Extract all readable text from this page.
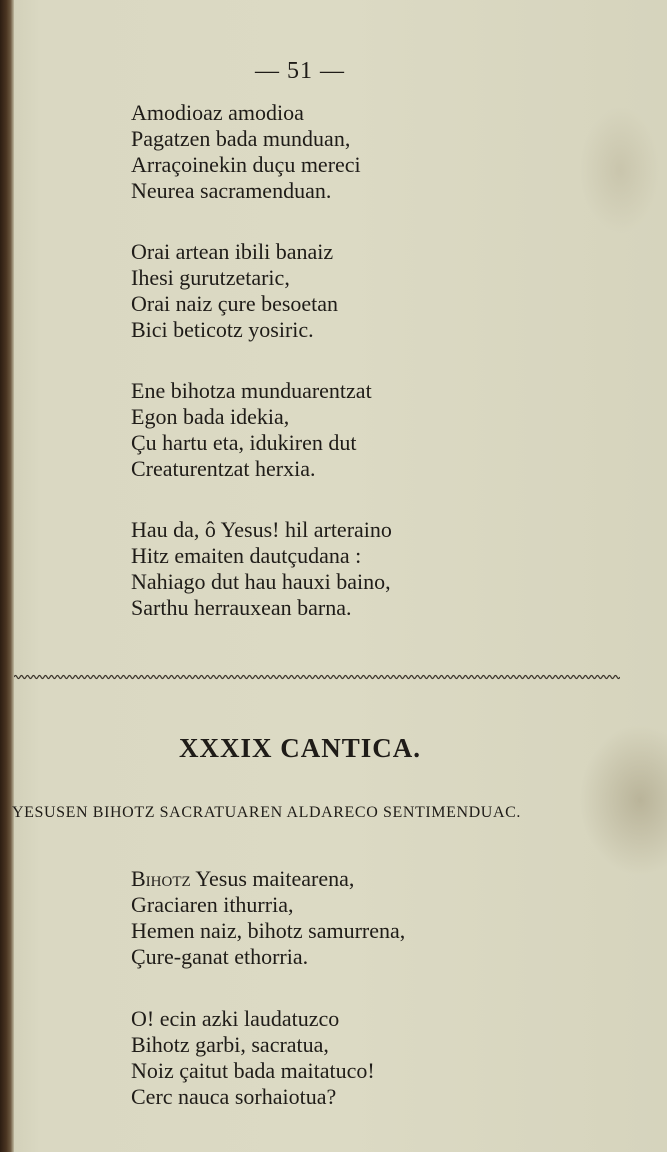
— 51 —
Amodioaz amodioa
Pagatzen bada munduan,
Arraçoinekin duçu mereci
Neurea sacramenduan.
Orai artean ibili banaiz
Ihesi gurutzetaric,
Orai naiz çure besoetan
Bici beticotz yosiric.
Ene bihotza munduarentzat
Egon bada idekia,
Çu hartu eta, idukiren dut
Creaturentzat herxia.
Hau da, ô Yesus! hil arteraino
Hitz emaiten dautçudana :
Nahiago dut hau hauxi baino,
Sarthu herrauxean barna.
XXXIX CANTICA.
YESUSEN BIHOTZ SACRATUAREN ALDARECO SENTIMENDUAC.
Bihotz Yesus maitearena,
Graciaren ithurria,
Hemen naiz, bihotz samurrena,
Çure-ganat ethorria.
O! ecin azki laudatuzco
Bihotz garbi, sacratua,
Noiz çaitut bada maitatuco!
Cerc nauca sorhaiotua?
